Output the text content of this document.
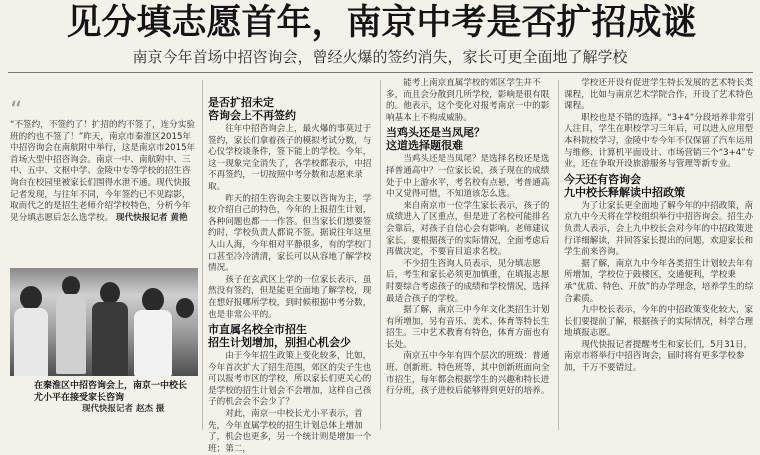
见分填志愿首年，南京中考是否扩招成谜
南京今年首场中招咨询会，曾经火爆的签约消失，家长可更全面地了解学校
“

“不签约，不签约了！扩招的约不签了，连分实验班的约也不签了！”昨天，南京市秦淮区2015年中招咨询会在南航附中举行，这是南京市2015年首场大型中招咨询会。南京一中、南航附中、三中、五中、文枢中学、金陵中专等学校的招生咨询台在校园里被家长们围得水泄不通。现代快报记者发现，与往年不同，今年签约已不见踪影，取而代之的是招生老师介绍学校特色，分析今年见分填志愿后怎么选学校。 现代快报记者 黄艳

在秦淮区中招咨询会上，南京一中校长尤小平在接受家长咨询
现代快报记者 赵杰 摄
是否扩招未定
咨询会上不再签约

往年中招咨询会上，最火爆的事莫过于签约，家长们拿着孩子的模拟考试分数，与心仪学校谈条件，签下能上的学校。今年，这一现象完全消失了，各学校都表示，中招不再签约，一切按照中考分数和志愿来录取。

昨天的招生咨询会主要以咨询为主，学校介绍自己的特色，今年的上报招生计划，各种问题也都一一作答。但当家长们想要签约时，学校负责人都说不签。据说往年这里人山人海，今年相对平静很多，有的学校门口甚至冷冷清清，家长可以从容地了解学校情况。

孩子在玄武区上学的一位家长表示，虽然没有签约，但是能更全面地了解学校，现在想好报哪所学校，到时候根据中考分数，也是非常公平的。

市直属名校全市招生
招生计划增加，别担心机会少

由于今年招生政策上变化较多，比如，今年首次扩大了招生范围，郊区的尖子生也可以报考市区的学校，所以家长们更关心的是学校的招生计划会不会增加，这样自己孩子的机会会不会少了？

对此，南京一中校长尤小平表示，首先，今年直属学校的招生计划总体上增加了，机会也更多，另一个统计则是增加一个班；第二，

能考上南京直属学校的郊区学生并不多，而且会分散到几所学校，影响是很有限的。他表示，这个变化对报考南京一中的影响基本上不构成威胁。

当鸡头还是当凤尾？
这道选择题很难

当鸡头还是当凤尾？是选择名校还是选择普通高中？一位家长说，孩子现在的成绩处于中上游水平，考名校有点悬，考普通高中又觉得可惜，不知道该怎么选。

来自南京市一位学生家长表示，孩子的成绩进入了区重点，但是进了名校可能排名会靠后，对孩子自信心会有影响。老师建议家长，要根据孩子的实际情况，全面考虑后再做决定，不要盲目追求名校。

不少招生咨询人员表示，见分填志愿后，考生和家长必须更加慎重，在填报志愿时要综合考虑孩子的成绩和学校情况，选择最适合孩子的学校。

据了解，南京三中今年文化类招生计划有所增加，另有音乐、美术、体育等特长生招生。三中艺术教育有特色，体育方面也有长处。

南京五中今年有四个层次的班级：普通班、创新班、特色班等，其中创新班面向全市招生，每年都会根据学生的兴趣和特长进行分班，孩子进校后能够得到更好的培养。

学校还开设有促进学生特长发展的艺术特长类课程，比如与南京艺术学院合作，开设了艺术特色课程。

职校也是不错的选择。“3+4”分段培养非常引人注目，学生在职校学习三年后，可以进入应用型本科院校学习，金陵中专今年不仅保留了汽车运用与维修、计算机平面设计、市场营销三个“3+4”专业，还在争取开设旅游服务与管理等新专业。

今天还有咨询会
九中校长释解读中招政策

为了让家长更全面地了解今年的中招政策，南京九中今天将在学校组织举行中招咨询会。招生办负责人表示，会上九中校长会对今年的中招政策进行详细解读，并回答家长提出的问题，欢迎家长和学生前来咨询。

据了解，南京九中今年各类招生计划较去年有所增加，学校位于鼓楼区，交通便利，学校秉承“优质、特色、开放”的办学理念，培养学生的综合素质。

九中校长表示，今年的中招政策变化较大，家长们要提前了解，根据孩子的实际情况，科学合理地填报志愿。

现代快报记者提醒考生和家长们，5月31日，南京市将举行中招咨询会，届时将有更多学校参加，千万不要错过。
